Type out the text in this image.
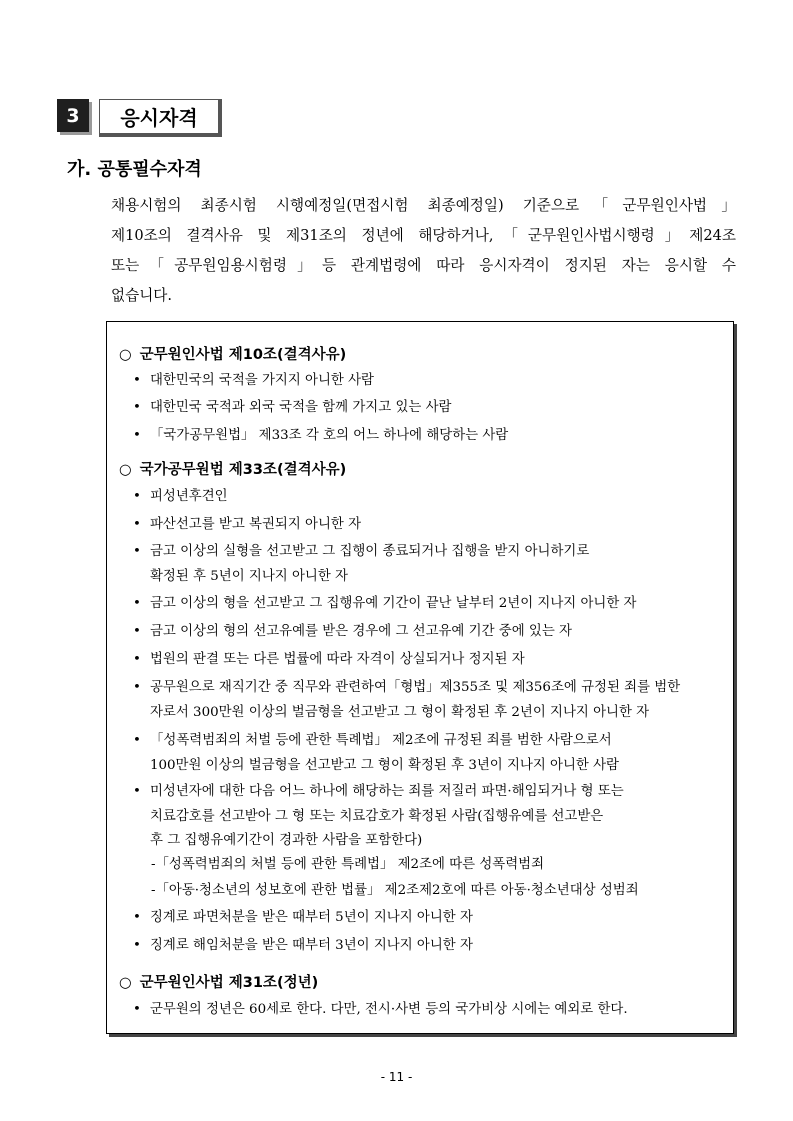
3	응시자격
가. 공통필수자격
채용시험의 최종시험 시행예정일(면접시험 최종예정일) 기준으로「군무원인사법」
제10조의 결격사유 및 제31조의 정년에 해당하거나,「군무원인사법시행령」제24조
또는「공무원임용시험령」등 관계법령에 따라 응시자격이 정지된 자는 응시할 수
없습니다.
○ 군무원인사법 제10조(결격사유)
• 대한민국의 국적을 가지지 아니한 사람
• 대한민국 국적과 외국 국적을 함께 가지고 있는 사람
• 「국가공무원법」 제33조 각 호의 어느 하나에 해당하는 사람
○ 국가공무원법 제33조(결격사유)
• 피성년후견인
• 파산선고를 받고 복권되지 아니한 자
• 금고 이상의 실형을 선고받고 그 집행이 종료되거나 집행을 받지 아니하기로
확정된 후 5년이 지나지 아니한 자
• 금고 이상의 형을 선고받고 그 집행유예 기간이 끝난 날부터 2년이 지나지 아니한 자
• 금고 이상의 형의 선고유예를 받은 경우에 그 선고유예 기간 중에 있는 자
• 법원의 판결 또는 다른 법률에 따라 자격이 상실되거나 정지된 자
• 공무원으로 재직기간 중 직무와 관련하여「형법」제355조 및 제356조에 규정된 죄를 범한
자로서 300만원 이상의 벌금형을 선고받고 그 형이 확정된 후 2년이 지나지 아니한 자
• 「성폭력범죄의 처벌 등에 관한 특례법」 제2조에 규정된 죄를 범한 사람으로서
100만원 이상의 벌금형을 선고받고 그 형이 확정된 후 3년이 지나지 아니한 사람
• 미성년자에 대한 다음 어느 하나에 해당하는 죄를 저질러 파면·해임되거나 형 또는
치료감호를 선고받아 그 형 또는 치료감호가 확정된 사람(집행유예를 선고받은
후 그 집행유예기간이 경과한 사람을 포함한다)
-「성폭력범죄의 처벌 등에 관한 특례법」 제2조에 따른 성폭력범죄
-「아동·청소년의 성보호에 관한 법률」 제2조제2호에 따른 아동·청소년대상 성범죄
• 징계로 파면처분을 받은 때부터 5년이 지나지 아니한 자
• 징계로 해임처분을 받은 때부터 3년이 지나지 아니한 자
○ 군무원인사법 제31조(정년)
• 군무원의 정년은 60세로 한다. 다만, 전시·사변 등의 국가비상 시에는 예외로 한다.
- 11 -
